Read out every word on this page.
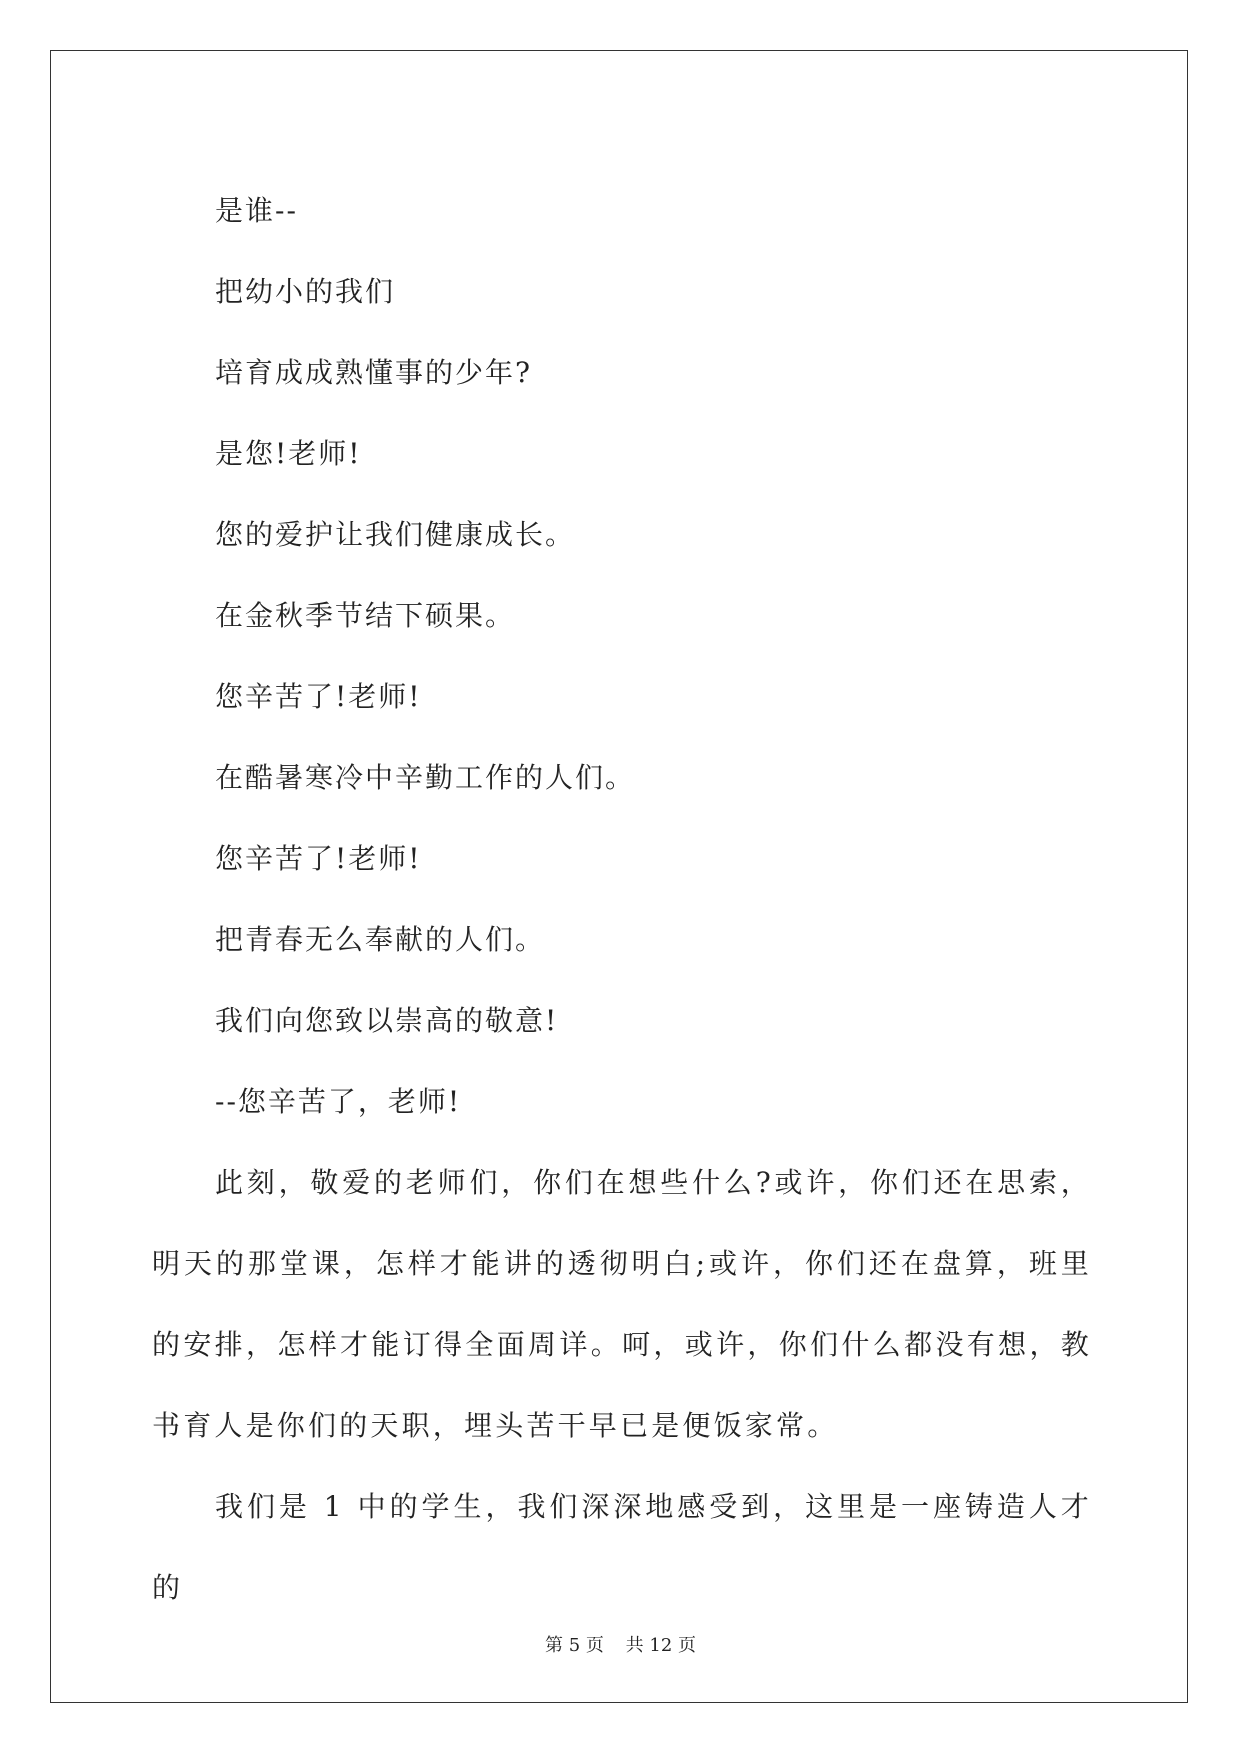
是谁--
把幼小的我们
培育成成熟懂事的少年?
是您!老师!
您的爱护让我们健康成长。
在金秋季节结下硕果。
您辛苦了!老师!
在酷暑寒冷中辛勤工作的人们。
您辛苦了!老师!
把青春无么奉献的人们。
我们向您致以崇高的敬意!
--您辛苦了，老师!

此刻，敬爱的老师们，你们在想些什么?或许，你们还在思索，明天的那堂课，怎样才能讲的透彻明白;或许，你们还在盘算，班里的安排，怎样才能订得全面周详。呵，或许，你们什么都没有想，教书育人是你们的天职，埋头苦干早已是便饭家常。

我们是 1 中的学生，我们深深地感受到，这里是一座铸造人才的

第 5 页 共 12 页
